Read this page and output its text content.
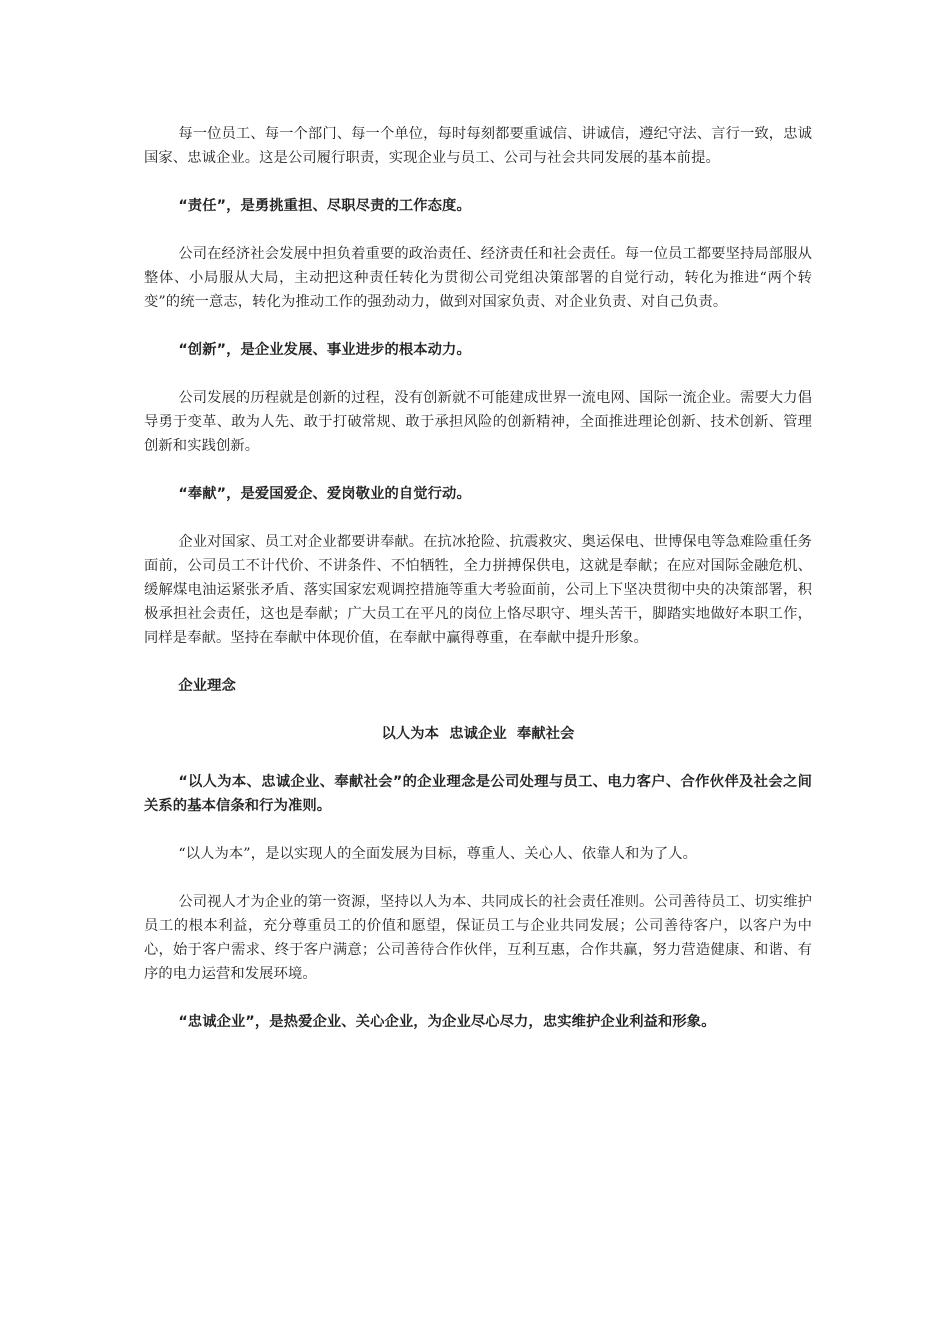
每一位员工、每一个部门、每一个单位，每时每刻都要重诚信、讲诚信，遵纪守法、言行一致，忠诚国家、忠诚企业。这是公司履行职责，实现企业与员工、公司与社会共同发展的基本前提。

“责任”，是勇挑重担、尽职尽责的工作态度。

公司在经济社会发展中担负着重要的政治责任、经济责任和社会责任。每一位员工都要坚持局部服从整体、小局服从大局，主动把这种责任转化为贯彻公司党组决策部署的自觉行动，转化为推进“两个转变”的统一意志，转化为推动工作的强劲动力，做到对国家负责、对企业负责、对自己负责。

“创新”，是企业发展、事业进步的根本动力。

公司发展的历程就是创新的过程，没有创新就不可能建成世界一流电网、国际一流企业。需要大力倡导勇于变革、敢为人先、敢于打破常规、敢于承担风险的创新精神，全面推进理论创新、技术创新、管理创新和实践创新。

“奉献”，是爱国爱企、爱岗敬业的自觉行动。

企业对国家、员工对企业都要讲奉献。在抗冰抢险、抗震救灾、奥运保电、世博保电等急难险重任务面前，公司员工不计代价、不讲条件、不怕牺牲，全力拼搏保供电，这就是奉献；在应对国际金融危机、缓解煤电油运紧张矛盾、落实国家宏观调控措施等重大考验面前，公司上下坚决贯彻中央的决策部署，积极承担社会责任，这也是奉献；广大员工在平凡的岗位上恪尽职守、埋头苦干，脚踏实地做好本职工作，同样是奉献。坚持在奉献中体现价值，在奉献中赢得尊重，在奉献中提升形象。

企业理念

以人为本  忠诚企业  奉献社会

“以人为本、忠诚企业、奉献社会”的企业理念是公司处理与员工、电力客户、合作伙伴及社会之间关系的基本信条和行为准则。

“以人为本”，是以实现人的全面发展为目标，尊重人、关心人、依靠人和为了人。

公司视人才为企业的第一资源，坚持以人为本、共同成长的社会责任准则。公司善待员工、切实维护员工的根本利益，充分尊重员工的价值和愿望，保证员工与企业共同发展；公司善待客户，以客户为中心，始于客户需求、终于客户满意；公司善待合作伙伴，互利互惠，合作共赢，努力营造健康、和谐、有序的电力运营和发展环境。

“忠诚企业”，是热爱企业、关心企业，为企业尽心尽力，忠实维护企业利益和形象。
